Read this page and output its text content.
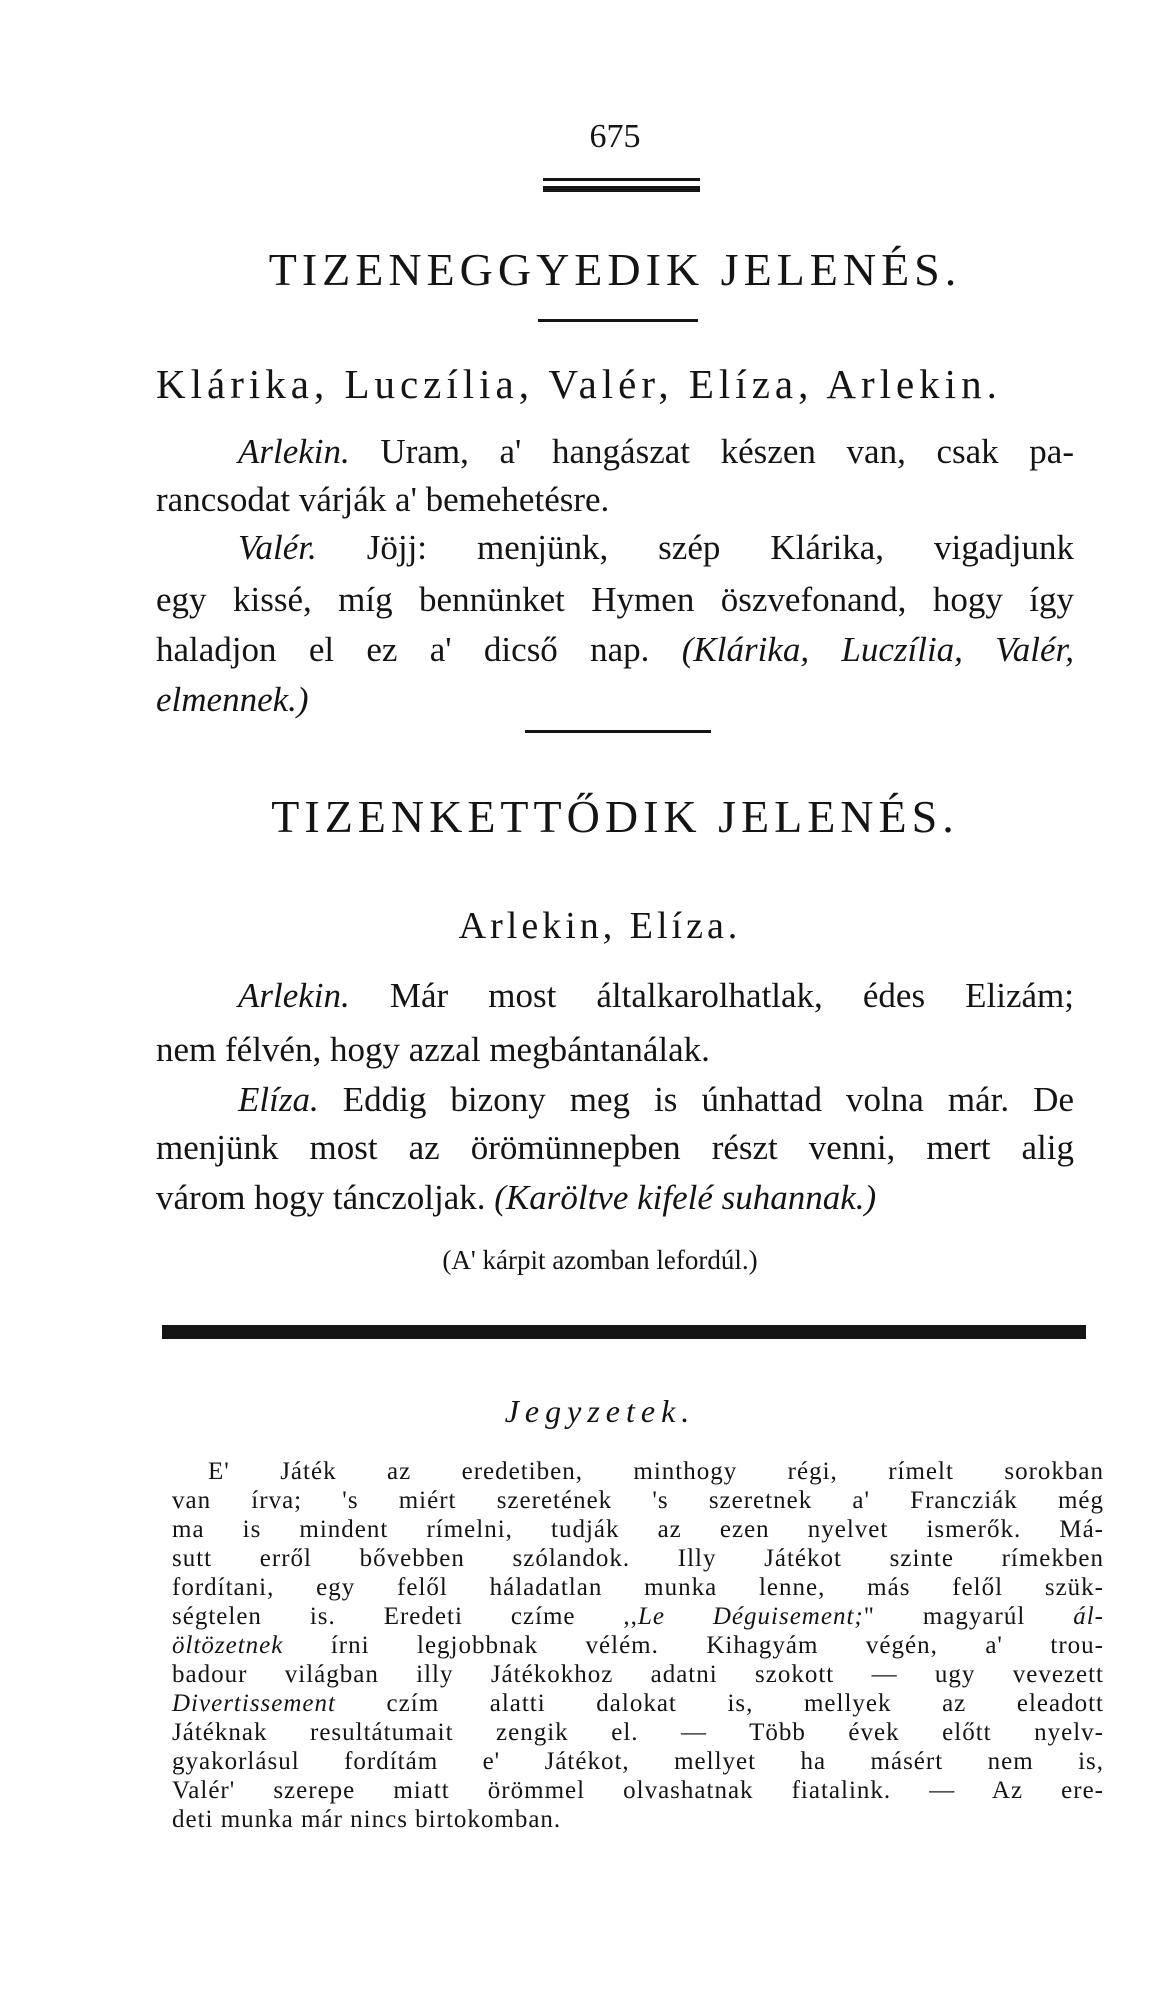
675
TIZENEGGYEDIK JELENÉS.
Klárika, Luczília, Valér, Elíza, Arlekin.
Arlekin. Uram, a' hangászat készen van, csak pa-
rancsodat várják a' bemehetésre.
Valér. Jöjj: menjünk, szép Klárika, vigadjunk
egy kissé, míg bennünket Hymen öszvefonand, hogy így
haladjon el ez a' dicső nap. (Klárika, Luczília, Valér,
elmennek.)
TIZENKETTŐDIK JELENÉS.
Arlekin, Elíza.
Arlekin. Már most általkarolhatlak, édes Elizám;
nem félvén, hogy azzal megbántanálak.
Elíza. Eddig bizony meg is únhattad volna már. De
menjünk most az örömünnepben részt venni, mert alig
várom hogy tánczoljak. (Karöltve kifelé suhannak.)
(A' kárpit azomban lefordúl.)
Jegyzetek.
E' Játék az eredetiben, minthogy régi, rímelt sorokban
van írva; 's miért szeretének 's szeretnek a' Francziák még
ma is mindent rímelni, tudják az ezen nyelvet ismerők. Má-
sutt erről bővebben szólandok. Illy Játékot szinte rímekben
fordítani, egy felől háladatlan munka lenne, más felől szük-
ségtelen is. Eredeti czíme ,,Le Déguisement;" magyarúl ál-
öltözetnek írni legjobbnak vélém. Kihagyám végén, a' trou-
badour világban illy Játékokhoz adatni szokott — ugy vevezett
Divertissement czím alatti dalokat is, mellyek az eleadott
Játéknak resultátumait zengik el. — Több évek előtt nyelv-
gyakorlásul fordítám e' Játékot, mellyet ha másért nem is,
Valér' szerepe miatt örömmel olvashatnak fiatalink. — Az ere-
deti munka már nincs birtokomban.
